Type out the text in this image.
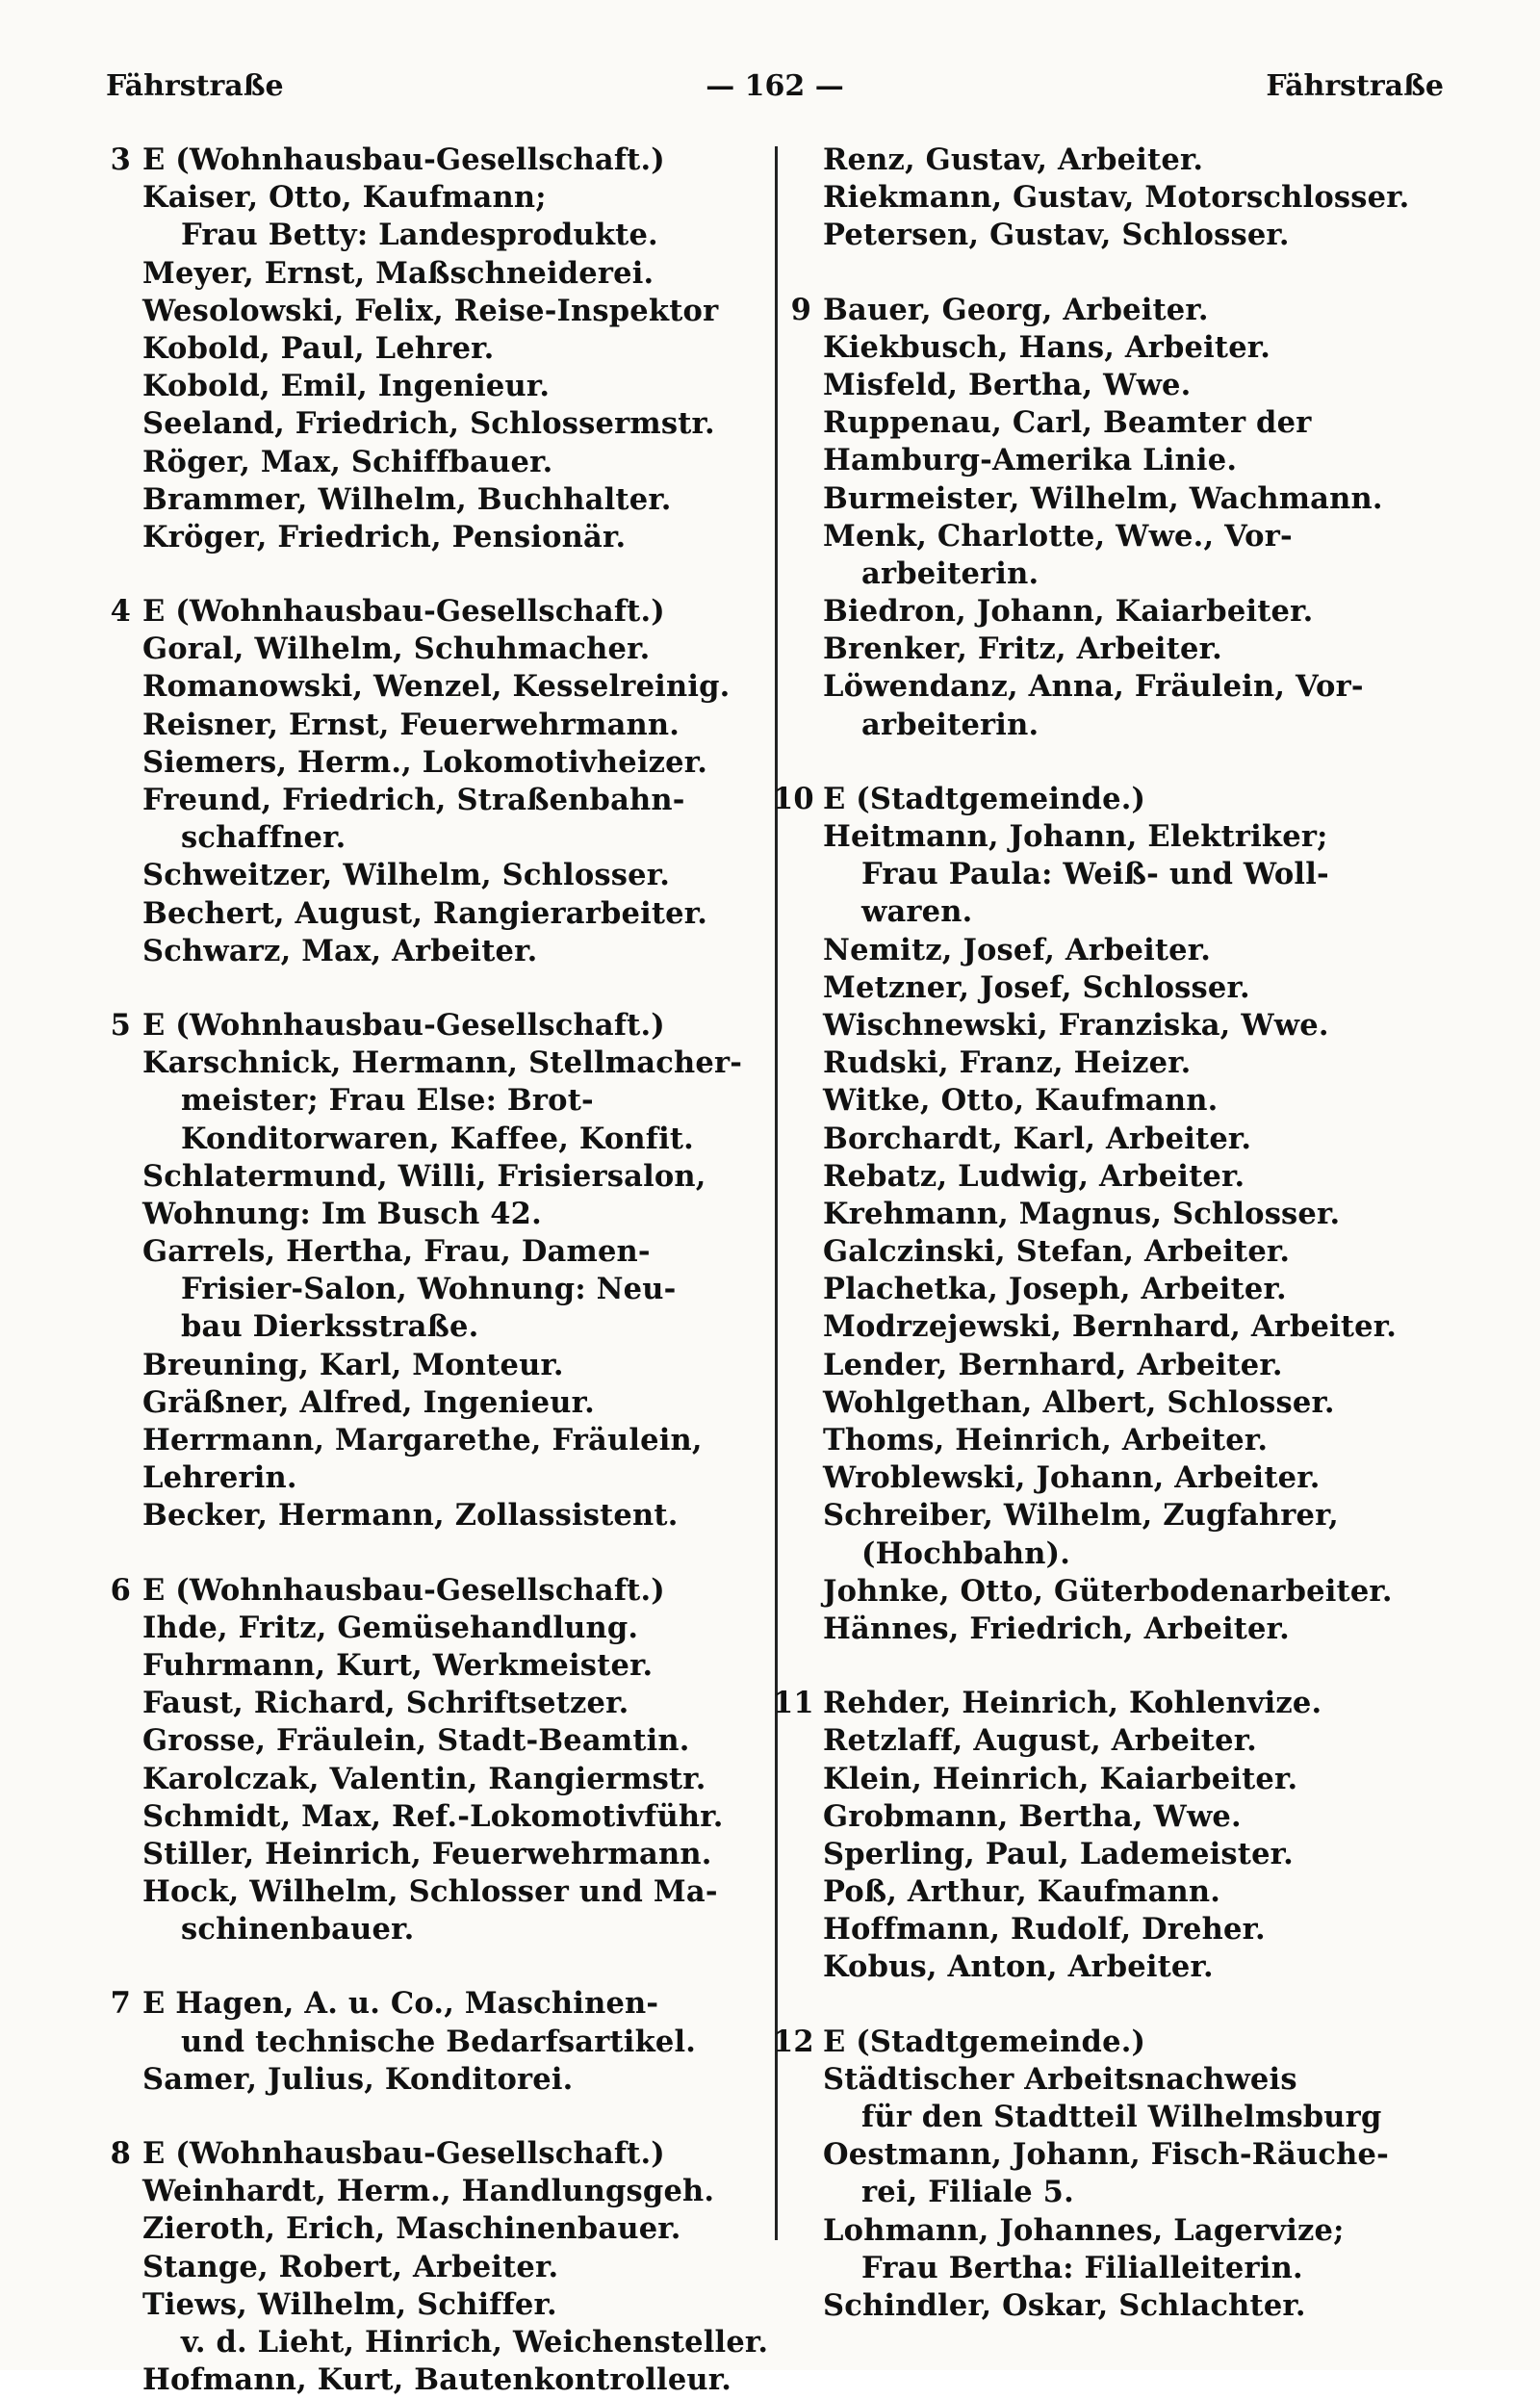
Fährstraße	— 162 —	Fährstraße
3 E (Wohnhausbau-Gesellschaft.)
Kaiser, Otto, Kaufmann;
Frau Betty: Landesprodukte.
Meyer, Ernst, Maßschneiderei.
Wesolowski, Felix, Reise-Inspektor
Kobold, Paul, Lehrer.
Kobold, Emil, Ingenieur.
Seeland, Friedrich, Schlossermstr.
Röger, Max, Schiffbauer.
Brammer, Wilhelm, Buchhalter.
Kröger, Friedrich, Pensionär.
4 E (Wohnhausbau-Gesellschaft.)
Goral, Wilhelm, Schuhmacher.
Romanowski, Wenzel, Kesselreinig.
Reisner, Ernst, Feuerwehrmann.
Siemers, Herm., Lokomotivheizer.
Freund, Friedrich, Straßenbahn-
schaffner.
Schweitzer, Wilhelm, Schlosser.
Bechert, August, Rangierarbeiter.
Schwarz, Max, Arbeiter.
5 E (Wohnhausbau-Gesellschaft.)
Karschnick, Hermann, Stellmacher-
meister; Frau Else: Brot-
Konditorwaren, Kaffee, Konfit.
Schlatermund, Willi, Frisiersalon,
Wohnung: Im Busch 42.
Garrels, Hertha, Frau, Damen-
Frisier-Salon, Wohnung: Neu-
bau Dierksstraße.
Breuning, Karl, Monteur.
Gräßner, Alfred, Ingenieur.
Herrmann, Margarethe, Fräulein,
Lehrerin.
Becker, Hermann, Zollassistent.
6 E (Wohnhausbau-Gesellschaft.)
Ihde, Fritz, Gemüsehandlung.
Fuhrmann, Kurt, Werkmeister.
Faust, Richard, Schriftsetzer.
Grosse, Fräulein, Stadt-Beamtin.
Karolczak, Valentin, Rangiermstr.
Schmidt, Max, Ref.-Lokomotivführ.
Stiller, Heinrich, Feuerwehrmann.
Hock, Wilhelm, Schlosser und Ma-
schinenbauer.
7 E Hagen, A. u. Co., Maschinen-
und technische Bedarfsartikel.
Samer, Julius, Konditorei.
8 E (Wohnhausbau-Gesellschaft.)
Weinhardt, Herm., Handlungsgeh.
Zieroth, Erich, Maschinenbauer.
Stange, Robert, Arbeiter.
Tiews, Wilhelm, Schiffer.
v. d. Lieht, Hinrich, Weichensteller.
Hofmann, Kurt, Bautenkontrolleur.
Renz, Gustav, Arbeiter.
Riekmann, Gustav, Motorschlosser.
Petersen, Gustav, Schlosser.
9 Bauer, Georg, Arbeiter.
Kiekbusch, Hans, Arbeiter.
Misfeld, Bertha, Wwe.
Ruppenau, Carl, Beamter der
Hamburg-Amerika Linie.
Burmeister, Wilhelm, Wachmann.
Menk, Charlotte, Wwe., Vor-
arbeiterin.
Biedron, Johann, Kaiarbeiter.
Brenker, Fritz, Arbeiter.
Löwendanz, Anna, Fräulein, Vor-
arbeiterin.
10 E (Stadtgemeinde.)
Heitmann, Johann, Elektriker;
Frau Paula: Weiß- und Woll-
waren.
Nemitz, Josef, Arbeiter.
Metzner, Josef, Schlosser.
Wischnewski, Franziska, Wwe.
Rudski, Franz, Heizer.
Witke, Otto, Kaufmann.
Borchardt, Karl, Arbeiter.
Rebatz, Ludwig, Arbeiter.
Krehmann, Magnus, Schlosser.
Galczinski, Stefan, Arbeiter.
Plachetka, Joseph, Arbeiter.
Modrzejewski, Bernhard, Arbeiter.
Lender, Bernhard, Arbeiter.
Wohlgethan, Albert, Schlosser.
Thoms, Heinrich, Arbeiter.
Wroblewski, Johann, Arbeiter.
Schreiber, Wilhelm, Zugfahrer,
(Hochbahn).
Johnke, Otto, Güterbodenarbeiter.
Hännes, Friedrich, Arbeiter.
11 Rehder, Heinrich, Kohlenvize.
Retzlaff, August, Arbeiter.
Klein, Heinrich, Kaiarbeiter.
Grobmann, Bertha, Wwe.
Sperling, Paul, Lademeister.
Poß, Arthur, Kaufmann.
Hoffmann, Rudolf, Dreher.
Kobus, Anton, Arbeiter.
12 E (Stadtgemeinde.)
Städtischer Arbeitsnachweis
für den Stadtteil Wilhelmsburg
Oestmann, Johann, Fisch-Räuche-
rei, Filiale 5.
Lohmann, Johannes, Lagervize;
Frau Bertha: Filialleiterin.
Schindler, Oskar, Schlachter.
